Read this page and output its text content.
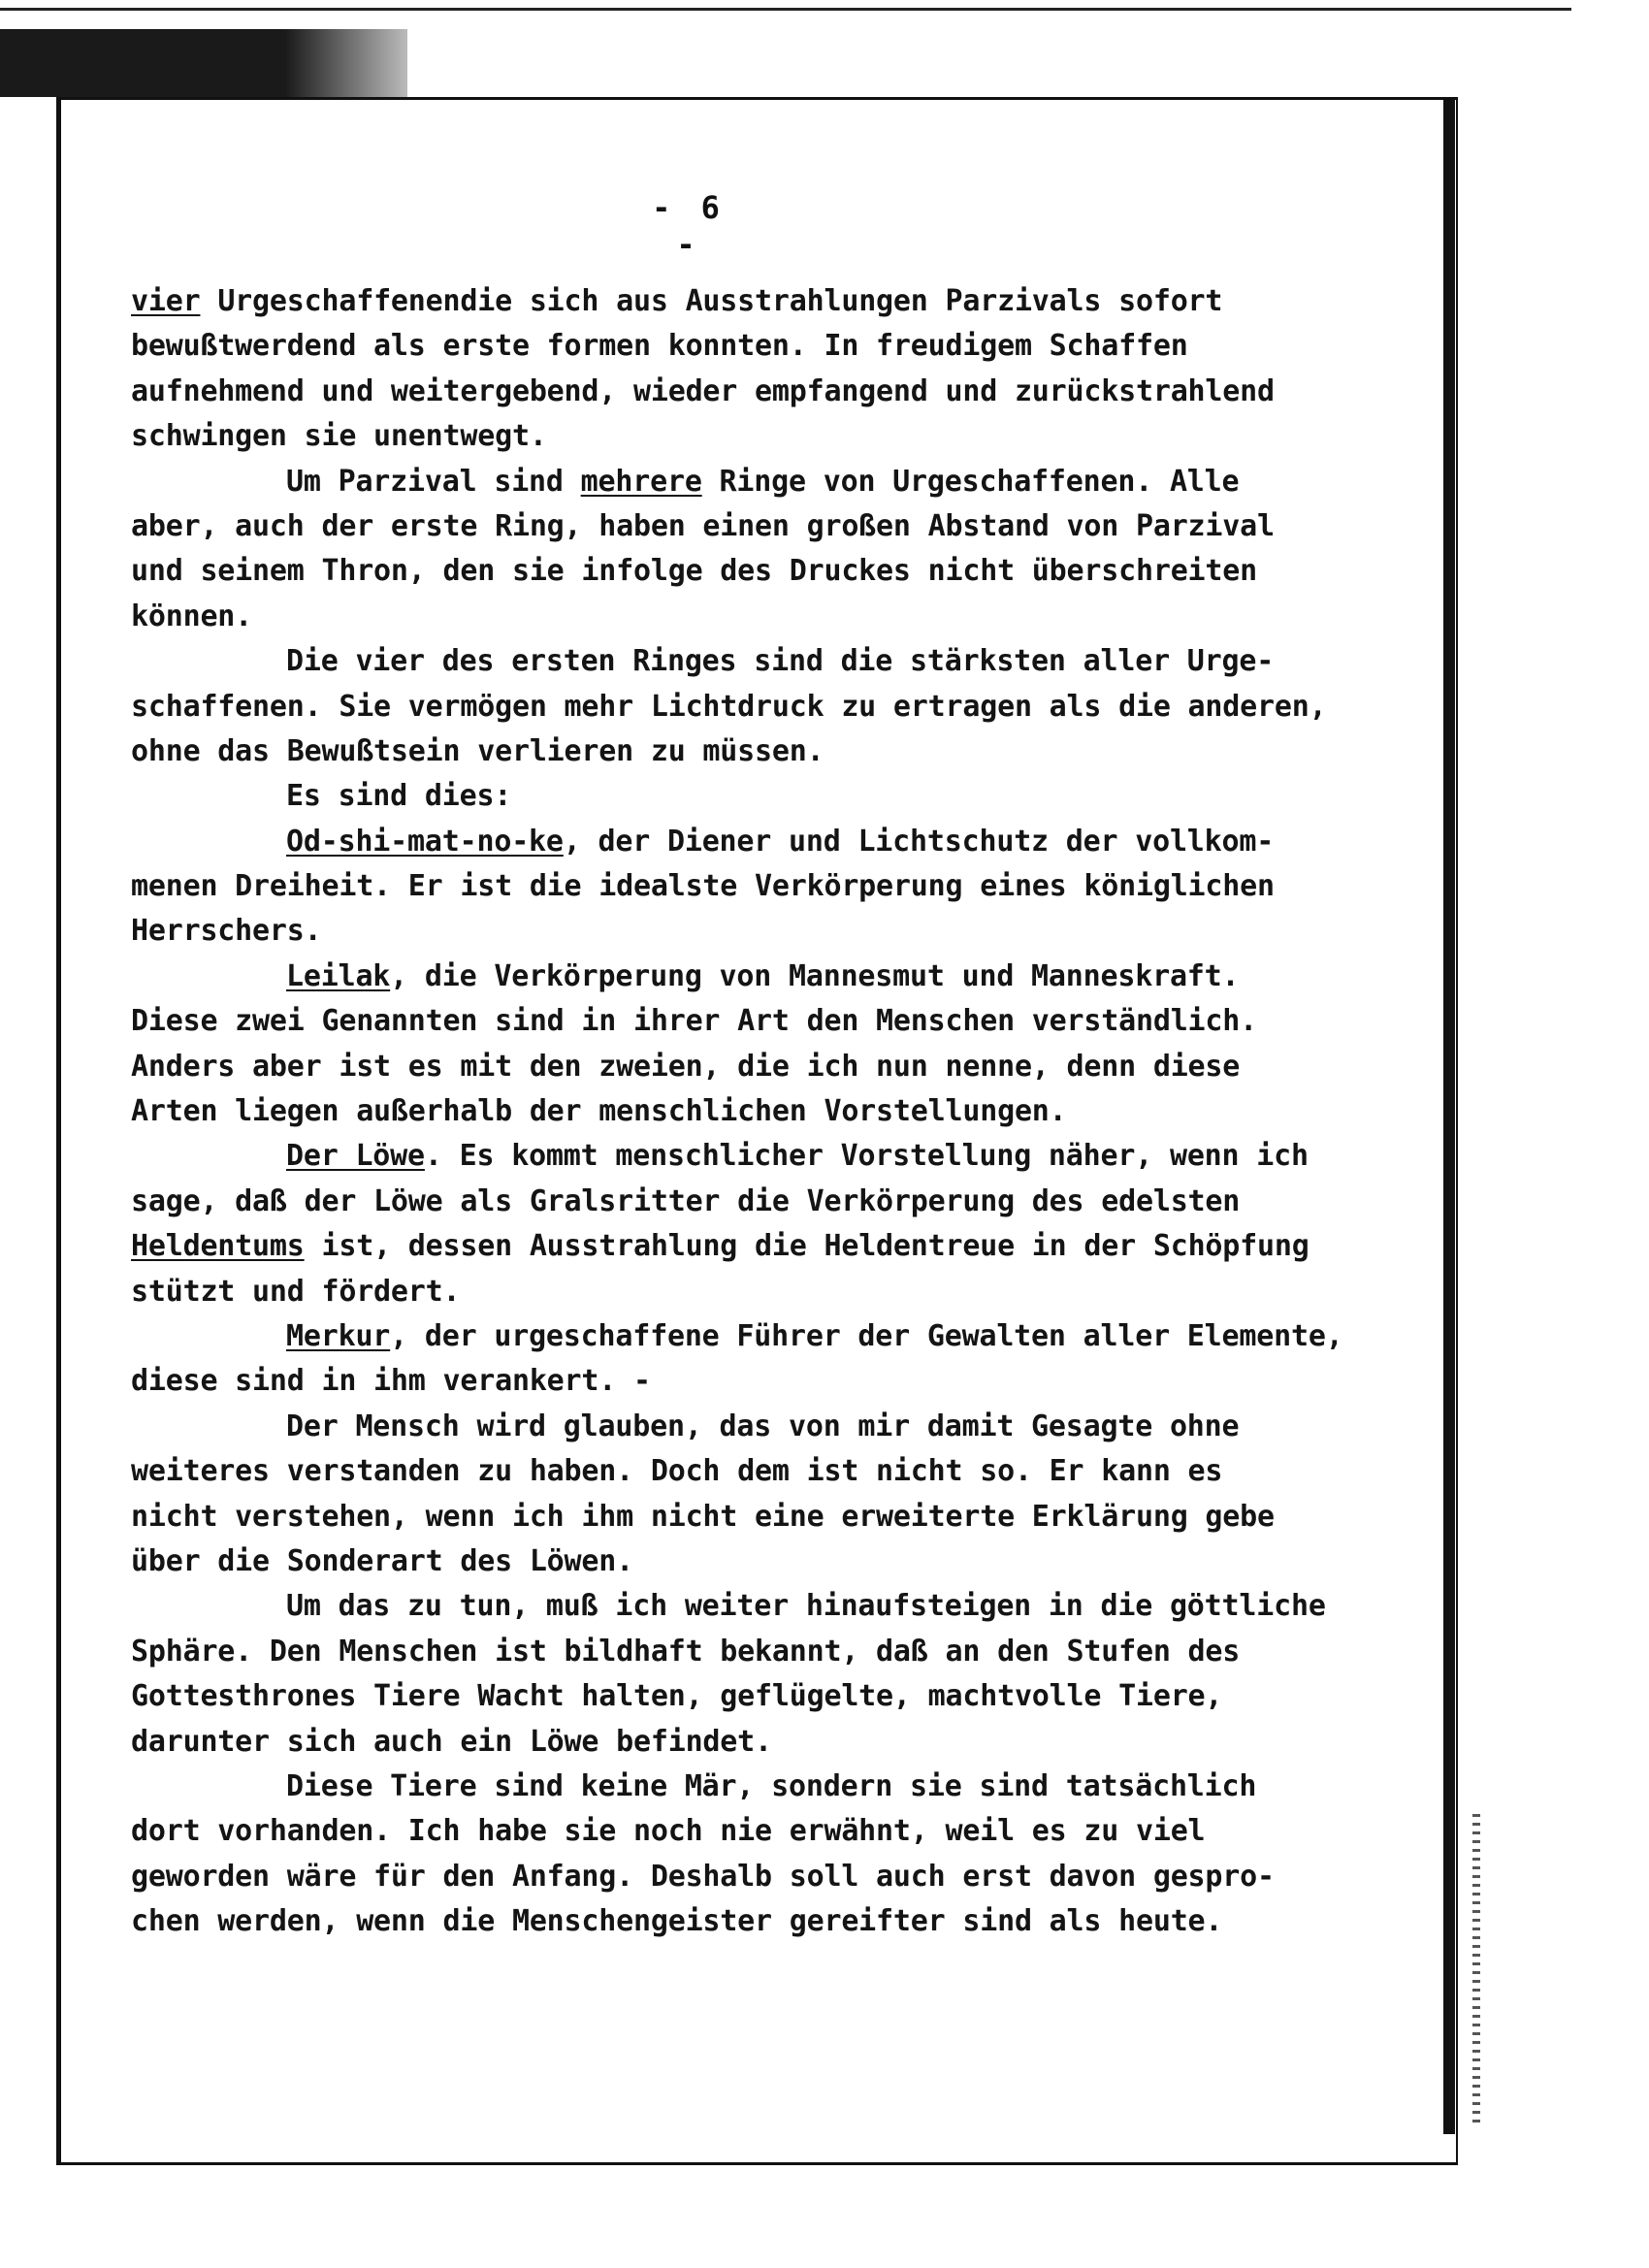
- 6 -
vier Urgeschaffenendie sich aus Ausstrahlungen Parzivals sofort
bewußtwerdend als erste formen konnten. In freudigem Schaffen
aufnehmend und weitergebend, wieder empfangend und zurückstrahlend
schwingen sie unentwegt.
Um Parzival sind mehrere Ringe von Urgeschaffenen. Alle
aber, auch der erste Ring, haben einen großen Abstand von Parzival
und seinem Thron, den sie infolge des Druckes nicht überschreiten
können.
Die vier des ersten Ringes sind die stärksten aller Urge-
schaffenen. Sie vermögen mehr Lichtdruck zu ertragen als die anderen,
ohne das Bewußtsein verlieren zu müssen.
Es sind dies:
Od-shi-mat-no-ke, der Diener und Lichtschutz der vollkom-
menen Dreiheit. Er ist die idealste Verkörperung eines königlichen
Herrschers.
Leilak, die Verkörperung von Mannesmut und Manneskraft.
Diese zwei Genannten sind in ihrer Art den Menschen verständlich.
Anders aber ist es mit den zweien, die ich nun nenne, denn diese
Arten liegen außerhalb der menschlichen Vorstellungen.
Der Löwe. Es kommt menschlicher Vorstellung näher, wenn ich
sage, daß der Löwe als Gralsritter die Verkörperung des edelsten
Heldentums ist, dessen Ausstrahlung die Heldentreue in der Schöpfung
stützt und fördert.
Merkur, der urgeschaffene Führer der Gewalten aller Elemente,
diese sind in ihm verankert. -
Der Mensch wird glauben, das von mir damit Gesagte ohne
weiteres verstanden zu haben. Doch dem ist nicht so. Er kann es
nicht verstehen, wenn ich ihm nicht eine erweiterte Erklärung gebe
über die Sonderart des Löwen.
Um das zu tun, muß ich weiter hinaufsteigen in die göttliche
Sphäre. Den Menschen ist bildhaft bekannt, daß an den Stufen des
Gottesthrones Tiere Wacht halten, geflügelte, machtvolle Tiere,
darunter sich auch ein Löwe befindet.
Diese Tiere sind keine Mär, sondern sie sind tatsächlich
dort vorhanden. Ich habe sie noch nie erwähnt, weil es zu viel
geworden wäre für den Anfang. Deshalb soll auch erst davon gespro-
chen werden, wenn die Menschengeister gereifter sind als heute.
